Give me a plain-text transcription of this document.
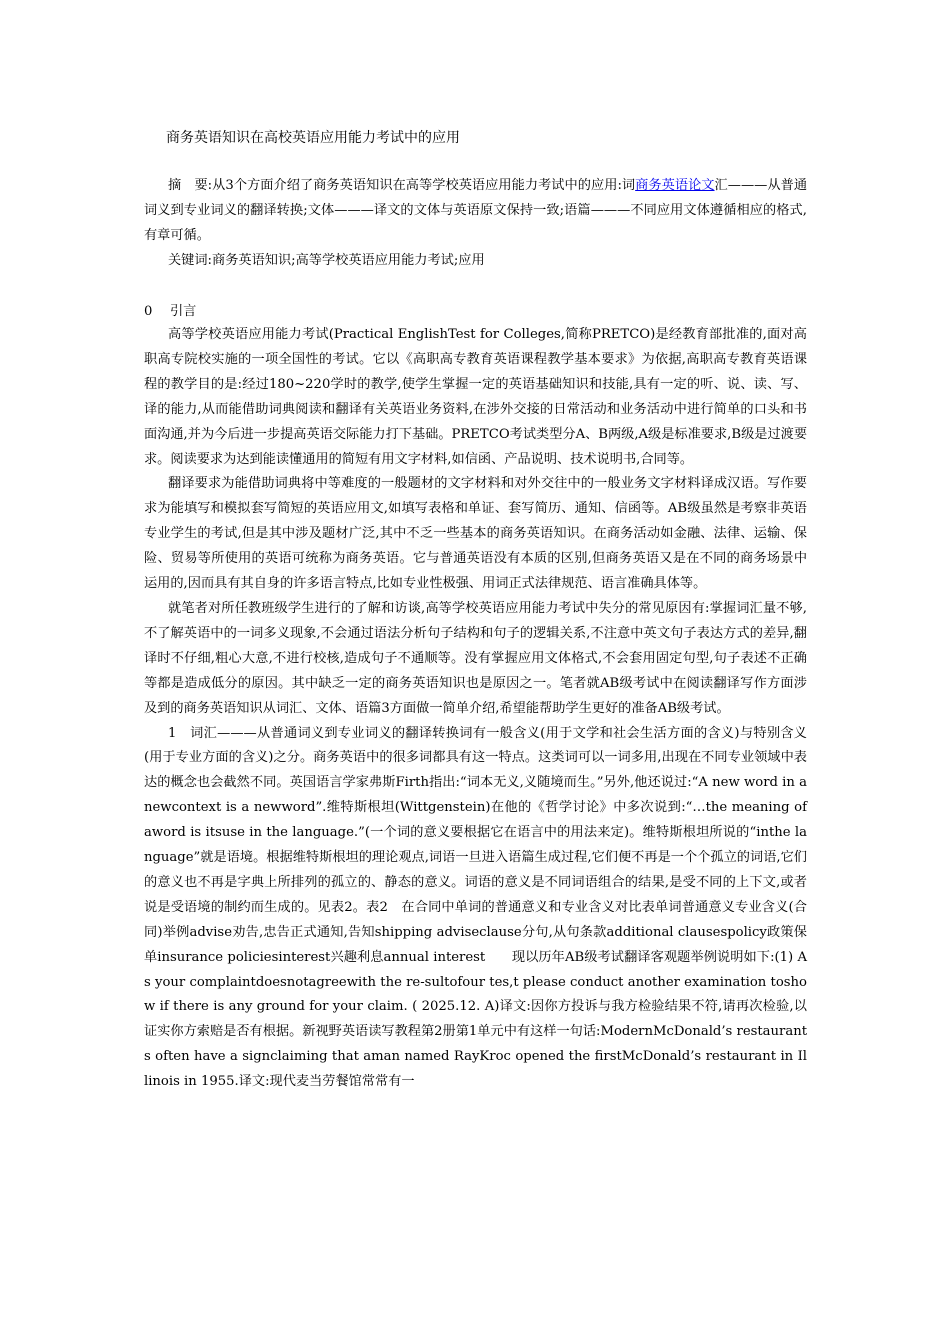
商务英语知识在高校英语应用能力考试中的应用
摘　要:从3个方面介绍了商务英语知识在高等学校英语应用能力考试中的应用:词商务英语论文汇———从普通词义到专业词义的翻译转换;文体———译文的文体与英语原文保持一致;语篇———不同应用文体遵循相应的格式,有章可循。
关键词:商务英语知识;高等学校英语应用能力考试;应用
0 引言

高等学校英语应用能力考试(Practical EnglishTest for Colleges,简称PRETCO)是经教育部批准的,面对高职高专院校实施的一项全国性的考试。它以《高职高专教育英语课程教学基本要求》为依据,高职高专教育英语课程的教学目的是:经过180~220学时的教学,使学生掌握一定的英语基础知识和技能,具有一定的听、说、读、写、译的能力,从而能借助词典阅读和翻译有关英语业务资料,在涉外交接的日常活动和业务活动中进行简单的口头和书面沟通,并为今后进一步提高英语交际能力打下基础。PRETCO考试类型分A、B两级,A级是标准要求,B级是过渡要求。阅读要求为达到能读懂通用的简短有用文字材料,如信函、产品说明、技术说明书,合同等。

翻译要求为能借助词典将中等难度的一般题材的文字材料和对外交往中的一般业务文字材料译成汉语。写作要求为能填写和模拟套写简短的英语应用文,如填写表格和单证、套写简历、通知、信函等。AB级虽然是考察非英语专业学生的考试,但是其中涉及题材广泛,其中不乏一些基本的商务英语知识。在商务活动如金融、法律、运输、保险、贸易等所使用的英语可统称为商务英语。它与普通英语没有本质的区别,但商务英语又是在不同的商务场景中运用的,因而具有其自身的许多语言特点,比如专业性极强、用词正式法律规范、语言准确具体等。

就笔者对所任教班级学生进行的了解和访谈,高等学校英语应用能力考试中失分的常见原因有:掌握词汇量不够,不了解英语中的一词多义现象,不会通过语法分析句子结构和句子的逻辑关系,不注意中英文句子表达方式的差异,翻译时不仔细,粗心大意,不进行校核,造成句子不通顺等。没有掌握应用文体格式,不会套用固定句型,句子表述不正确等都是造成低分的原因。其中缺乏一定的商务英语知识也是原因之一。笔者就AB级考试中在阅读翻译写作方面涉及到的商务英语知识从词汇、文体、语篇3方面做一简单介绍,希望能帮助学生更好的准备AB级考试。

1　词汇———从普通词义到专业词义的翻译转换词有一般含义(用于文学和社会生活方面的含义)与特别含义(用于专业方面的含义)之分。商务英语中的很多词都具有这一特点。这类词可以一词多用,出现在不同专业领域中表达的概念也会截然不同。英国语言学家弗斯Firth指出:“词本无义,义随境而生。”另外,他还说过:“A new word in a newcontext is a newword”.维特斯根坦(Wittgenstein)在他的《哲学讨论》中多次说到:“…the meaning of aword is itsuse in the language.”(一个词的意义要根据它在语言中的用法来定)。维特斯根坦所说的“inthe language”就是语境。根据维特斯根坦的理论观点,词语一旦进入语篇生成过程,它们便不再是一个个孤立的词语,它们的意义也不再是字典上所排列的孤立的、静态的意义。词语的意义是不同词语组合的结果,是受不同的上下文,或者说是受语境的制约而生成的。见表2。表2　在合同中单词的普通意义和专业含义对比表单词普通意义专业含义(合同)举例advise劝告,忠告正式通知,告知shipping adviseclause分句,从句条款additional clausespolicy政策保单insurance policiesinterest兴趣利息annual interest　　现以历年AB级考试翻译客观题举例说明如下:(1) As your complaintdoesnotagreewith the re-sultofour tes,t please conduct another examination toshow if there is any ground for your claim. ( 2025.12. A)译文:因你方投诉与我方检验结果不符,请再次检验,以证实你方索赔是否有根据。新视野英语读写教程第2册第1单元中有这样一句话:ModernMcDonald’s restaurants often have a signclaiming that aman named RayKroc opened the firstMcDonald’s restaurant in Illinois in 1955.译文:现代麦当劳餐馆常常有一
